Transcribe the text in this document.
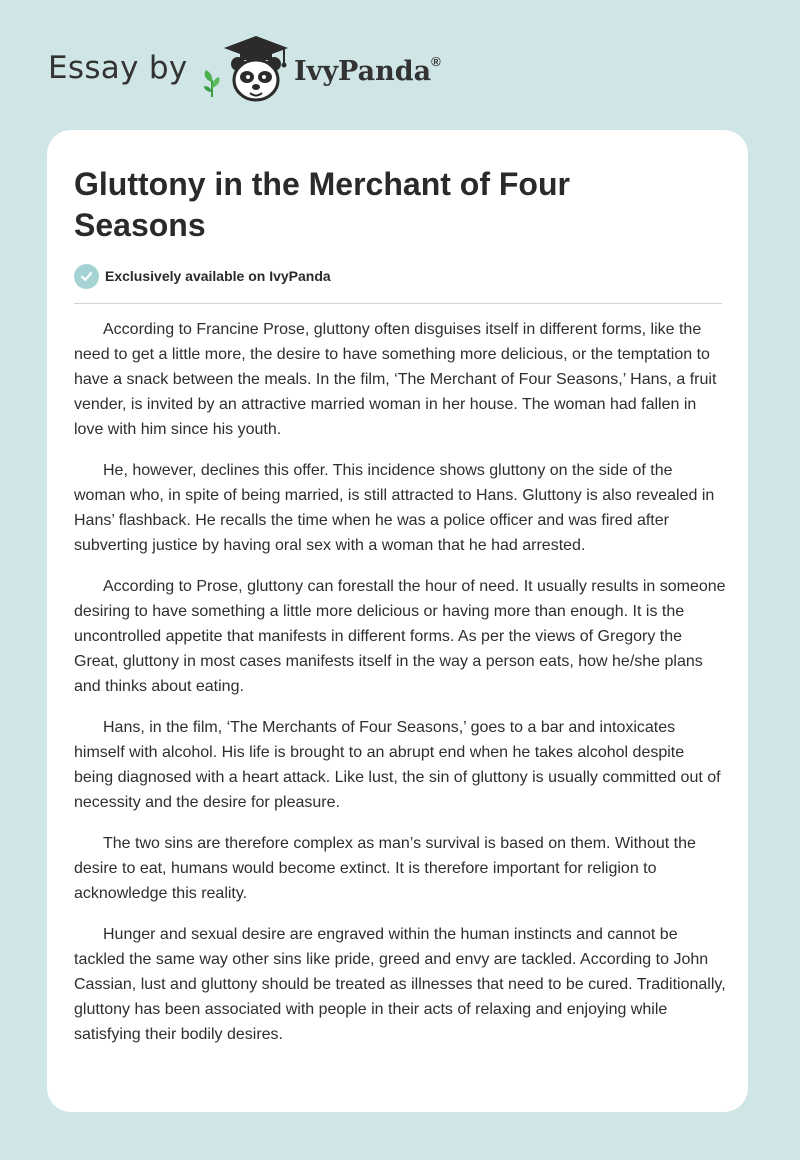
Essay by	IvyPanda®
Gluttony in the Merchant of Four Seasons
Exclusively available on IvyPanda

According to Francine Prose, gluttony often disguises itself in different forms, like the need to get a little more, the desire to have something more delicious, or the temptation to have a snack between the meals. In the film, ‘The Merchant of Four Seasons,’ Hans, a fruit vender, is invited by an attractive married woman in her house. The woman had fallen in love with him since his youth.

He, however, declines this offer. This incidence shows gluttony on the side of the woman who, in spite of being married, is still attracted to Hans. Gluttony is also revealed in Hans’ flashback. He recalls the time when he was a police officer and was fired after subverting justice by having oral sex with a woman that he had arrested.

According to Prose, gluttony can forestall the hour of need. It usually results in someone desiring to have something a little more delicious or having more than enough. It is the uncontrolled appetite that manifests in different forms. As per the views of Gregory the Great, gluttony in most cases manifests itself in the way a person eats, how he/she plans and thinks about eating.

Hans, in the film, ‘The Merchants of Four Seasons,’ goes to a bar and intoxicates himself with alcohol. His life is brought to an abrupt end when he takes alcohol despite being diagnosed with a heart attack. Like lust, the sin of gluttony is usually committed out of necessity and the desire for pleasure.

The two sins are therefore complex as man’s survival is based on them. Without the desire to eat, humans would become extinct. It is therefore important for religion to acknowledge this reality.

Hunger and sexual desire are engraved within the human instincts and cannot be tackled the same way other sins like pride, greed and envy are tackled. According to John Cassian, lust and gluttony should be treated as illnesses that need to be cured. Traditionally, gluttony has been associated with people in their acts of relaxing and enjoying while satisfying their bodily desires.
